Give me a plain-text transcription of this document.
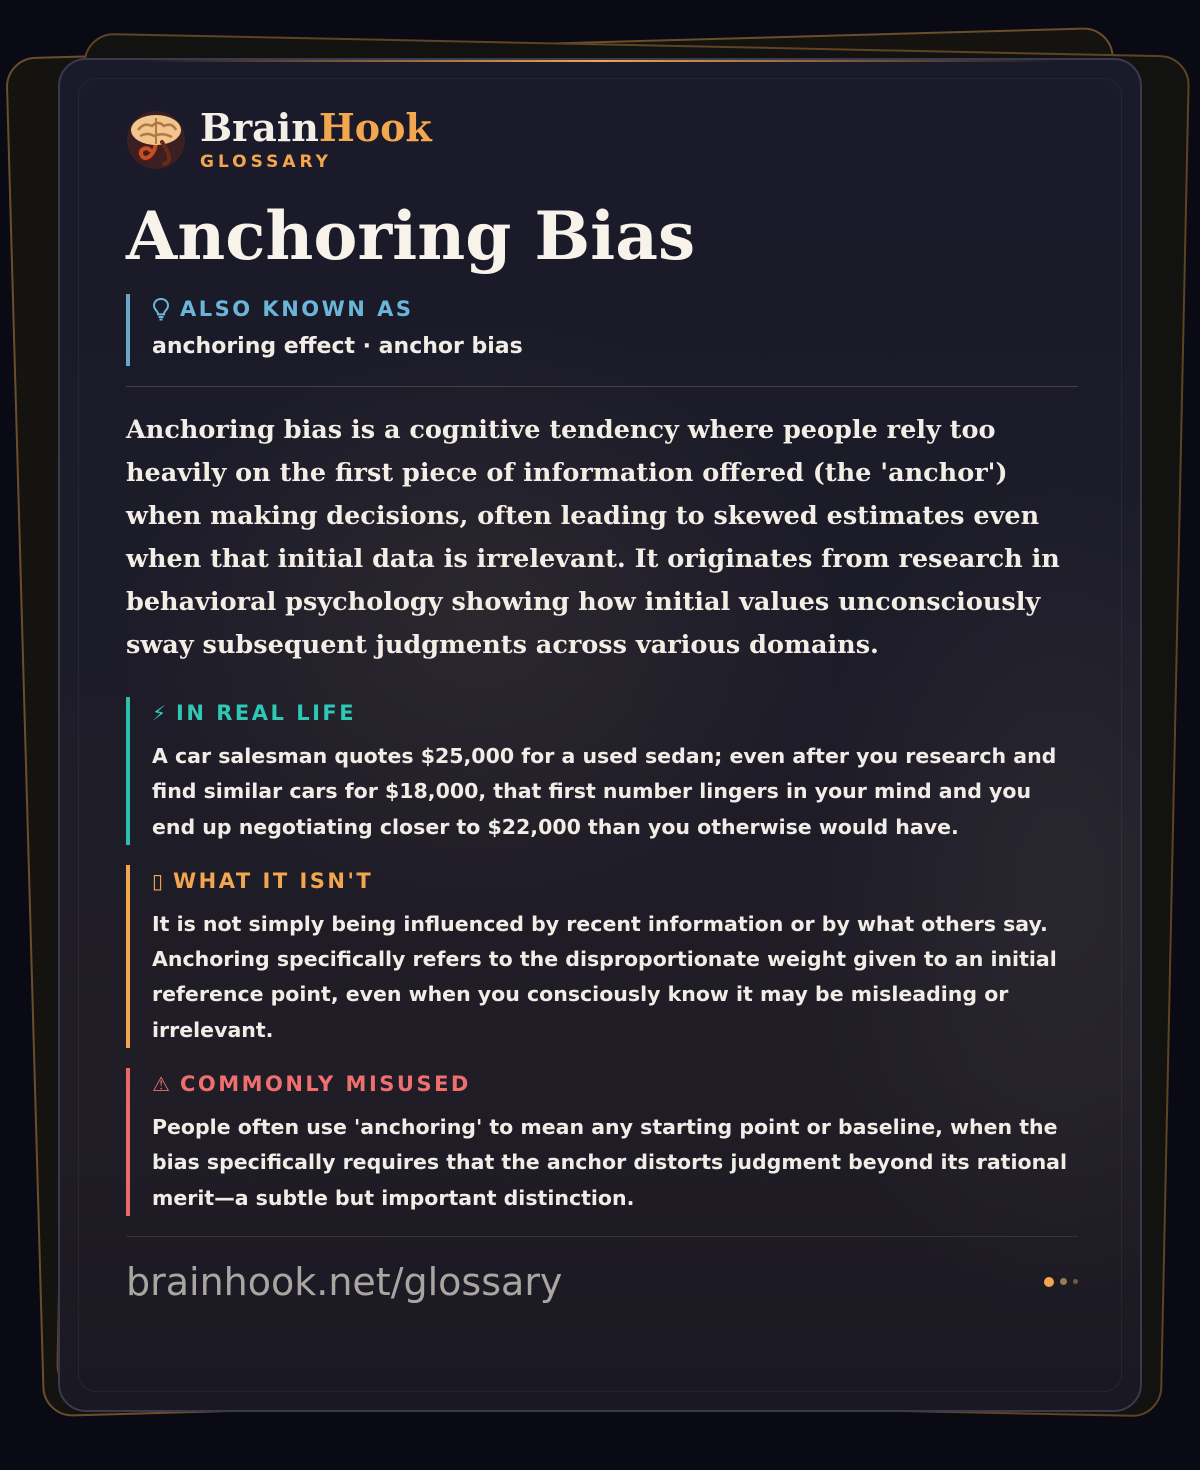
BrainHook
GLOSSARY
Anchoring Bias
ALSO KNOWN AS
anchoring effect · anchor bias

Anchoring bias is a cognitive tendency where people rely too heavily on the first piece of information offered (the 'anchor') when making decisions, often leading to skewed estimates even when that initial data is irrelevant. It originates from research in behavioral psychology showing how initial values unconsciously sway subsequent judgments across various domains.

⚡ IN REAL LIFE
A car salesman quotes $25,000 for a used sedan; even after you research and find similar cars for $18,000, that first number lingers in your mind and you end up negotiating closer to $22,000 than you otherwise would have.
▯ WHAT IT ISN'T
It is not simply being influenced by recent information or by what others say. Anchoring specifically refers to the disproportionate weight given to an initial reference point, even when you consciously know it may be misleading or irrelevant.
⚠ COMMONLY MISUSED
People often use 'anchoring' to mean any starting point or baseline, when the bias specifically requires that the anchor distorts judgment beyond its rational merit—a subtle but important distinction.
brainhook.net/glossary
